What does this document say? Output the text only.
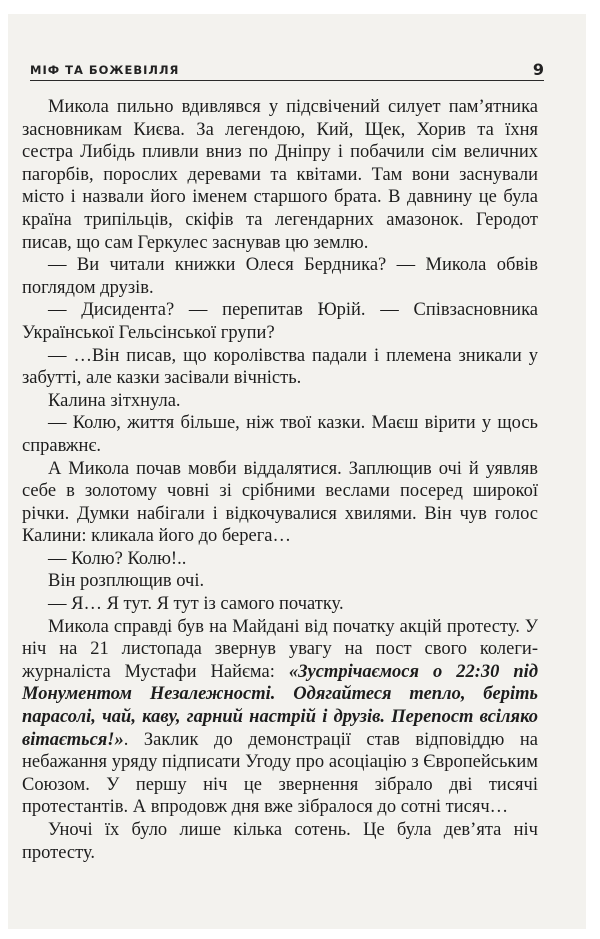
МІФ ТА БОЖЕВІЛЛЯ	9

Микола пильно вдивлявся у підсвічений силует пам’ятника засновникам Києва. За легендою, Кий, Щек, Хорив та їхня сестра Либідь пливли вниз по Дніпру і побачили сім величних пагорбів, порослих деревами та квітами. Там вони заснували місто і назвали його іменем старшого брата. В давнину це була країна трипільців, скіфів та легендарних амазонок. Геродот писав, що сам Геркулес заснував цю землю.

— Ви читали книжки Олеся Бердника? — Микола обвів поглядом друзів.

— Дисидента? — перепитав Юрій. — Співзасновника Української Гельсінської групи?

— …Він писав, що королівства падали і племена зникали у забутті, але казки засівали вічність.

Калина зітхнула.

— Колю, життя більше, ніж твої казки. Маєш вірити у щось справжнє.

А Микола почав мовби віддалятися. Заплющив очі й уявляв себе в золотому човні зі срібними веслами посеред широкої річки. Думки набігали і відкочувалися хвилями. Він чув голос Калини: кликала його до берега…

— Колю? Колю!..

Він розплющив очі.

— Я… Я тут. Я тут із самого початку.

Микола справді був на Майдані від початку акцій протесту. У ніч на 21 листопада звернув увагу на пост свого колеги-журналіста Мустафи Найєма: «Зустрічаємося о 22:30 під Монументом Незалежності. Одягайтеся тепло, беріть парасолі, чай, каву, гарний настрій і друзів. Перепост всіляко вітається!». Заклик до демонстрації став відповіддю на небажання уряду підписати Угоду про асоціацію з Європейським Союзом. У першу ніч це звернення зібрало дві тисячі протестантів. А впродовж дня вже зібралося до сотні тисяч…

Уночі їх було лише кілька сотень. Це була дев’ята ніч протесту.
